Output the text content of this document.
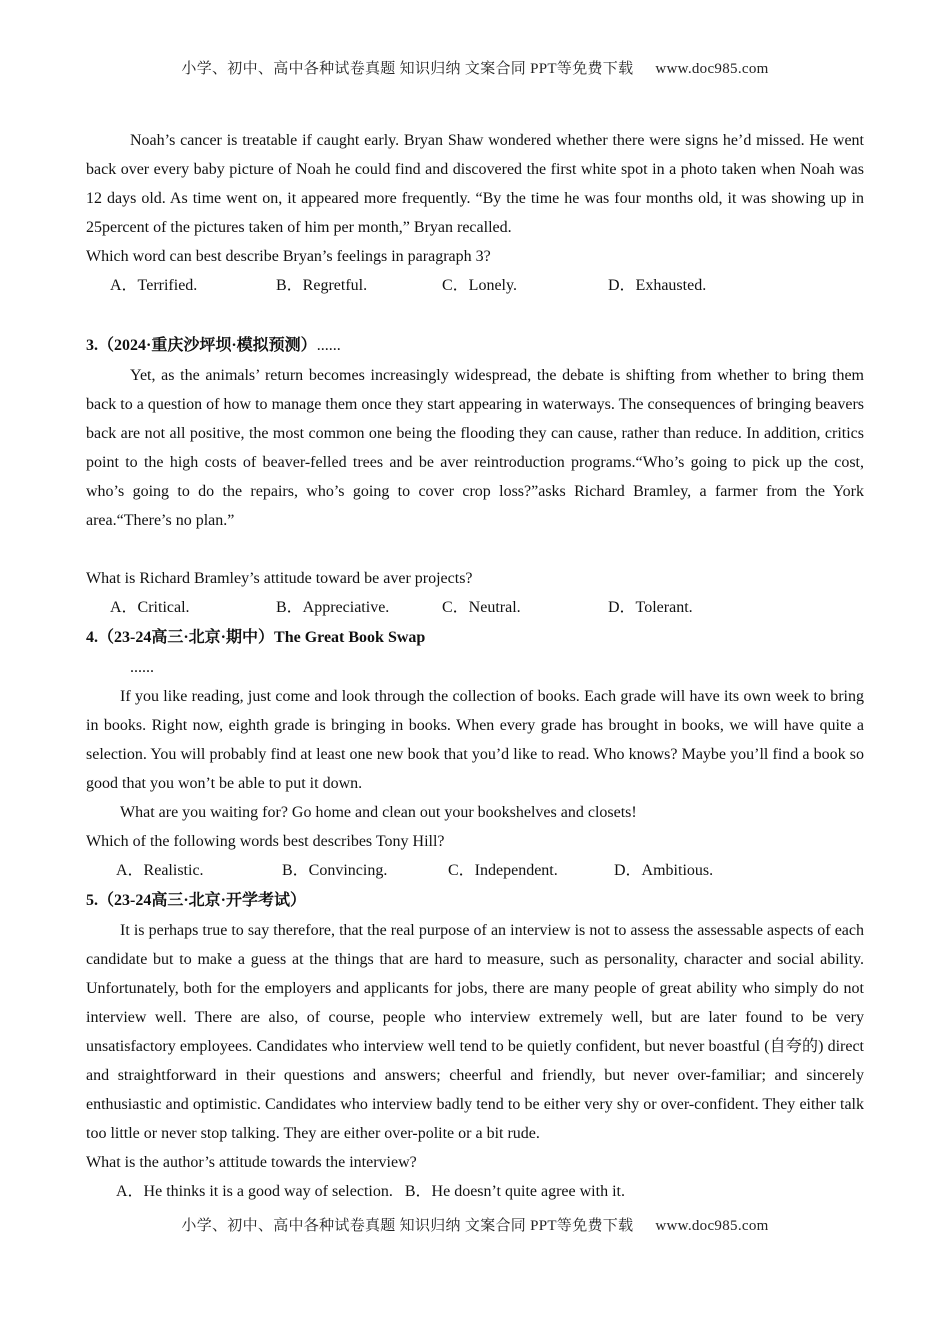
小学、初中、高中各种试卷真题 知识归纳 文案合同 PPT等免费下载 www.doc985.com

Noah’s cancer is treatable if caught early. Bryan Shaw wondered whether there were signs he’d missed. He went back over every baby picture of Noah he could find and discovered the first white spot in a photo taken when Noah was 12 days old. As time went on, it appeared more frequently. “By the time he was four months old, it was showing up in 25percent of the pictures taken of him per month,” Bryan recalled.

Which word can best describe Bryan’s feelings in paragraph 3?
A．Terrified.	B．Regretful.	C．Lonely.	D．Exhausted.
3.（2024·重庆沙坪坝·模拟预测）......

Yet, as the animals’ return becomes increasingly widespread, the debate is shifting from whether to bring them back to a question of how to manage them once they start appearing in waterways. The consequences of bringing beavers back are not all positive, the most common one being the flooding they can cause, rather than reduce. In addition, critics point to the high costs of beaver-felled trees and be aver reintroduction programs.“Who’s going to pick up the cost, who’s going to do the repairs, who’s going to cover crop loss?”asks Richard Bramley, a farmer from the York area.“There’s no plan.”

What is Richard Bramley’s attitude toward be aver projects?
A．Critical.	B．Appreciative.	C．Neutral.	D．Tolerant.
4.（23-24高三·北京·期中）The Great Book Swap

......

If you like reading, just come and look through the collection of books. Each grade will have its own week to bring in books. Right now, eighth grade is bringing in books. When every grade has brought in books, we will have quite a selection. You will probably find at least one new book that you’d like to read. Who knows? Maybe you’ll find a book so good that you won’t be able to put it down.

What are you waiting for? Go home and clean out your bookshelves and closets!

Which of the following words best describes Tony Hill?
A．Realistic.	B．Convincing.	C．Independent.	D．Ambitious.
5.（23-24高三·北京·开学考试）

It is perhaps true to say therefore, that the real purpose of an interview is not to assess the assessable aspects of each candidate but to make a guess at the things that are hard to measure, such as personality, character and social ability. Unfortunately, both for the employers and applicants for jobs, there are many people of great ability who simply do not interview well. There are also, of course, people who interview extremely well, but are later found to be very unsatisfactory employees. Candidates who interview well tend to be quietly confident, but never boastful (自夸的) direct and straightforward in their questions and answers; cheerful and friendly, but never over-familiar; and sincerely enthusiastic and optimistic. Candidates who interview badly tend to be either very shy or over-confident. They either talk too little or never stop talking. They are either over-polite or a bit rude.

What is the author’s attitude towards the interview?
A．He thinks it is a good way of selection. B．He doesn’t quite agree with it.
小学、初中、高中各种试卷真题 知识归纳 文案合同 PPT等免费下载 www.doc985.com
